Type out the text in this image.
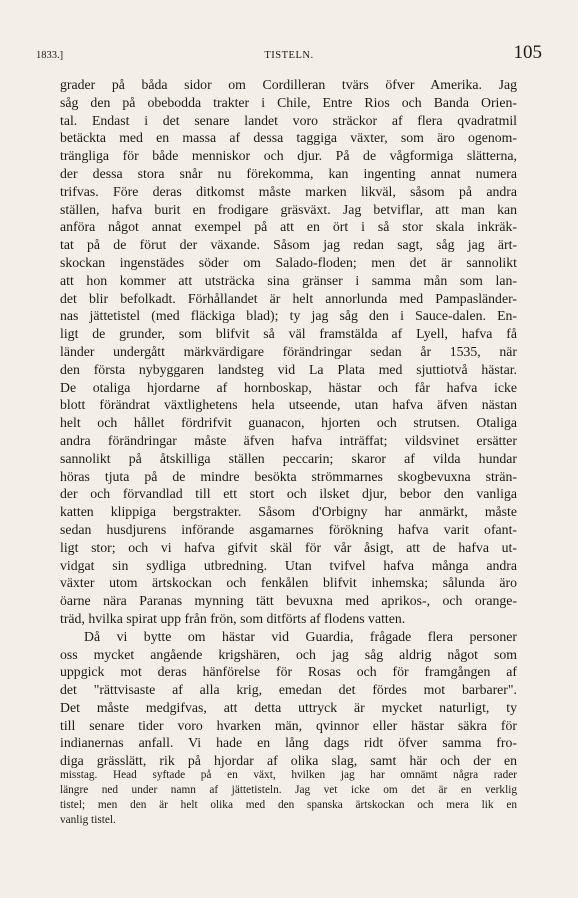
1833.]	TISTELN.	105
grader på båda sidor om Cordilleran tvärs öfver Amerika. Jag
såg den på obebodda trakter i Chile, Entre Rios och Banda Orien-
tal. Endast i det senare landet voro sträckor af flera qvadratmil
betäckta med en massa af dessa taggiga växter, som äro ogenom-
trängliga för både menniskor och djur. På de vågformiga slätterna,
der dessa stora snår nu förekomma, kan ingenting annat numera
trifvas. Före deras ditkomst måste marken likväl, såsom på andra
ställen, hafva burit en frodigare gräsväxt. Jag betviflar, att man kan
anföra något annat exempel på att en ört i så stor skala inkräk-
tat på de förut der växande. Såsom jag redan sagt, såg jag ärt-
skockan ingenstädes söder om Salado-floden; men det är sannolikt
att hon kommer att utsträcka sina gränser i samma mån som lan-
det blir befolkadt. Förhållandet är helt annorlunda med Pampasländer-
nas jättetistel (med fläckiga blad); ty jag såg den i Sauce-dalen. En-
ligt de grunder, som blifvit så väl framstälda af Lyell, hafva få
länder undergått märkvärdigare förändringar sedan år 1535, när
den första nybyggaren landsteg vid La Plata med sjuttiotvå hästar.
De otaliga hjordarne af hornboskap, hästar och får hafva icke
blott förändrat växtlighetens hela utseende, utan hafva äfven nästan
helt och hållet fördrifvit guanacon, hjorten och strutsen. Otaliga
andra förändringar måste äfven hafva inträffat; vildsvinet ersätter
sannolikt på åtskilliga ställen peccarin; skaror af vilda hundar
höras tjuta på de mindre besökta strömmarnes skogbevuxna strän-
der och förvandlad till ett stort och ilsket djur, bebor den vanliga
katten klippiga bergstrakter. Såsom d'Orbigny har anmärkt, måste
sedan husdjurens införande asgamarnes förökning hafva varit ofant-
ligt stor; och vi hafva gifvit skäl för vår åsigt, att de hafva ut-
vidgat sin sydliga utbredning. Utan tvifvel hafva många andra
växter utom ärtskockan och fenkålen blifvit inhemska; sålunda äro
öarne nära Paranas mynning tätt bevuxna med aprikos-, och orange-
träd, hvilka spirat upp från frön, som ditförts af flodens vatten.
Då vi bytte om hästar vid Guardia, frågade flera personer
oss mycket angående krigshären, och jag såg aldrig något som
uppgick mot deras hänförelse för Rosas och för framgången af
det "rättvisaste af alla krig, emedan det fördes mot barbarer".
Det måste medgifvas, att detta uttryck är mycket naturligt, ty
till senare tider voro hvarken män, qvinnor eller hästar säkra för
indianernas anfall. Vi hade en lång dags ridt öfver samma fro-
diga grässlätt, rik på hjordar af olika slag, samt här och der en
misstag. Head syftade på en växt, hvilken jag har omnämt några rader
längre ned under namn af jättetisteln. Jag vet icke om det är en verklig
tistel; men den är helt olika med den spanska ärtskockan och mera lik en
vanlig tistel.
